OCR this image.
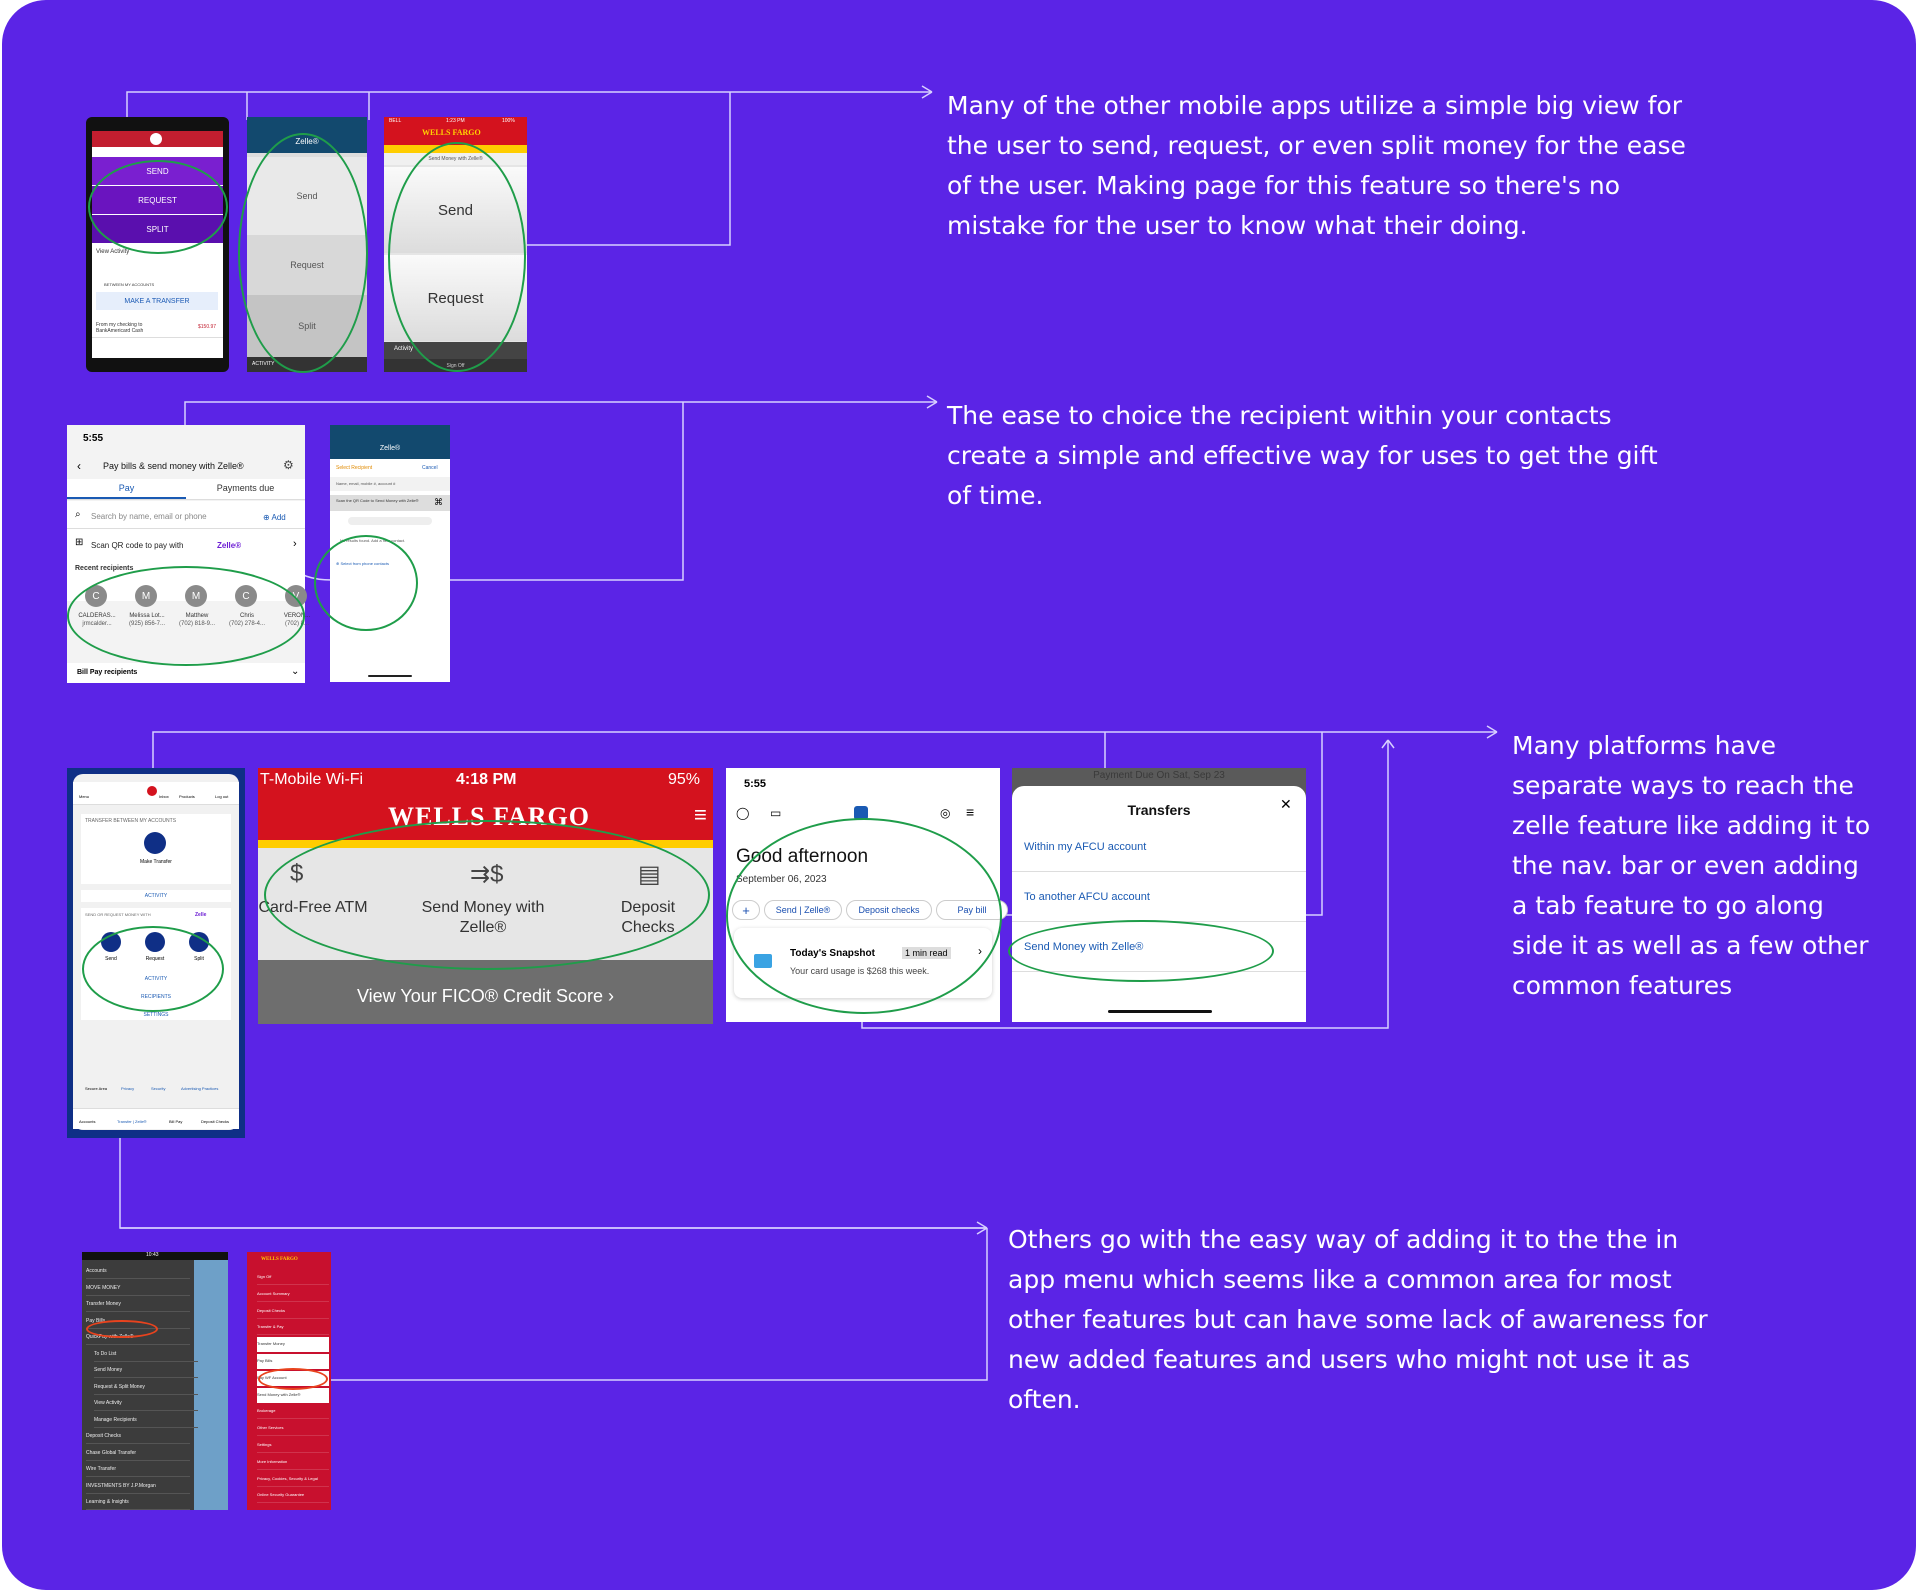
SEND
REQUEST
SPLIT
View Activity
BETWEEN MY ACCOUNTS
MAKE A TRANSFER
From my checking to BankAmericard Cash
$150.97
Zelle®
Send
Request
Split
ACTIVITY
BELL	1:23 PM	100%
WELLS FARGO
Send Money with Zelle®
Send
Request
Activity
Sign Off
Many of the other mobile apps utilize a simple big view for the user to send, request, or even split money for the ease of the user. Making page for this feature so there's no mistake for the user to know what their doing.
5:55
‹ Pay bills & send money with Zelle®	⚙
Pay	Payments due
⌕ Search by name, email or phone	⊕ Add
⊞ Scan QR code to pay with	Zelle®	›
Recent recipients
C
CALDERAS...
jrmcalder...
M
Melissa Lot...
(925) 856-7...
M
Matthew
(702) 818-9...
C
Chris
(702) 278-4...
V
VERON...
(702) 8...
Bill Pay recipients	⌄
Zelle®
Select Recipient	Cancel
Name, email, mobile #, account #
Scan the QR Code to Send Money with Zelle®	⌘
No results found. Add a new contact.
⊕ Select from phone contacts
The ease to choice the recipient within your contacts create a simple and effective way for uses to get the gift of time.
Menu	Inbox	Products	Log out
TRANSFER BETWEEN MY ACCOUNTS
Make Transfer
ACTIVITY
SEND OR REQUEST MONEY WITH	Zelle
Send	Request	Split
ACTIVITY
RECIPIENTS
SETTINGS
Secure Area	Privacy	Security	Advertising Practices
Accounts	Transfer | Zelle®	Bill Pay	Deposit Checks
T-Mobile Wi-Fi	4:18 PM	95%
WELLS FARGO	≡
$	⇉$	▤
Card-Free ATM	Send Money with Zelle®
Deposit Checks
View Your FICO® Credit Score ›
5:55
◯ ▭	◎ ≡
Good afternoon
September 06, 2023
+	Send | Zelle®	Deposit checks	Pay bill
Today's Snapshot	1 min read	›
Your card usage is $268 this week.
Payment Due On Sat, Sep 23
Transfers	✕
Within my AFCU account
To another AFCU account
Send Money with Zelle®
Many platforms have separate ways to reach the zelle feature like adding it to the nav. bar or even adding a tab feature to go along side it as well as a few other common features
10:43
Accounts
MOVE MONEY
Transfer Money
Pay Bills
QuickPay with Zelle®
To Do List
Send Money
Request & Split Money
View Activity
Manage Recipients
Deposit Checks
Chase Global Transfer
Wire Transfer
INVESTMENTS BY J.P.Morgan
Learning & Insights
WELLS FARGO
Sign Off
Account Summary
Deposit Checks
Transfer & Pay
Transfer Money
Pay Bills
Pay WF Account
Send Money with Zelle®
Brokerage
Other Services
Settings
More Information
Privacy, Cookies, Security & Legal
Online Security Guarantee
Others go with the easy way of adding it to the the in app menu which seems like a common area for most other features but can have some lack of awareness for new added features and users who might not use it as often.
